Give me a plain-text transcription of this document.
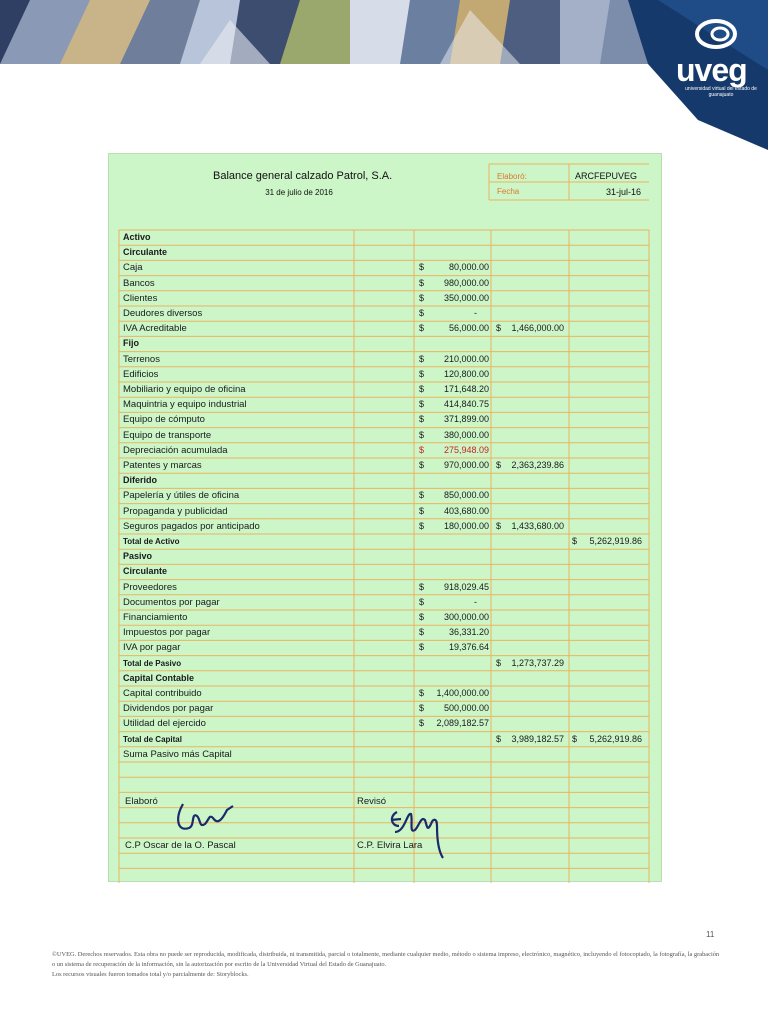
uveg
universidad virtual del estado de guanajuato
Balance general calzado Patrol, S.A.
31 de julio de 2016
Elaboró:	ARCFEPUVEG
Fecha	31-jul-16
Activo
Circulante
Caja	$	80,000.00
Bancos	$ 980,000.00
Clientes	$ 350,000.00
Deudores diversos	$	-
IVA Acreditable	$	56,000.00 $ 1,466,000.00
Fijo
Terrenos	$ 210,000.00
Edificios	$ 120,800.00
Mobiliario y equipo de oficina	$ 171,648.20
Maquintria y equipo industrial	$ 414,840.75
Equipo de cómputo	$ 371,899.00
Equipo de transporte	$ 380,000.00
Depreciación acumulada	$ 275,948.09
Patentes y marcas	$ 970,000.00 $ 2,363,239.86
Diferido
Papelería y útiles de oficina	$ 850,000.00
Propaganda y publicidad	$ 403,680.00
Seguros pagados por anticipado	$ 180,000.00 $ 1,433,680.00
Total de Activo	$ 5,262,919.86
Pasivo
Circulante
Proveedores	$ 918,029.45
Documentos por pagar	$	-
Financiamiento	$ 300,000.00
Impuestos por pagar	$	36,331.20
IVA por pagar	$	19,376.64
Total de Pasivo	$ 1,273,737.29
Capital Contable
Capital contribuido	$ 1,400,000.00
Dividendos por pagar	$ 500,000.00
Utilidad del ejercido	$ 2,089,182.57
Total de Capital	$ 3,989,182.57 $ 5,262,919.86
Suma Pasivo más Capital
Elaboró	Revisó
C.P Oscar de la O. Pascal	C.P. Elvira Lara
11
©UVEG. Derechos reservados. Esta obra no puede ser reproducida, modificada, distribuida, ni transmitida, parcial o totalmente, mediante cualquier medio, método o sistema impreso, electrónico, magnético, incluyendo el fotocopiado, la fotografía, la grabación o un sistema de recuperación de la información, sin la autorización por escrito de la Universidad Virtual del Estado de Guanajuato.
Los recursos visuales fueron tomados total y/o parcialmente de: Storyblocks.
